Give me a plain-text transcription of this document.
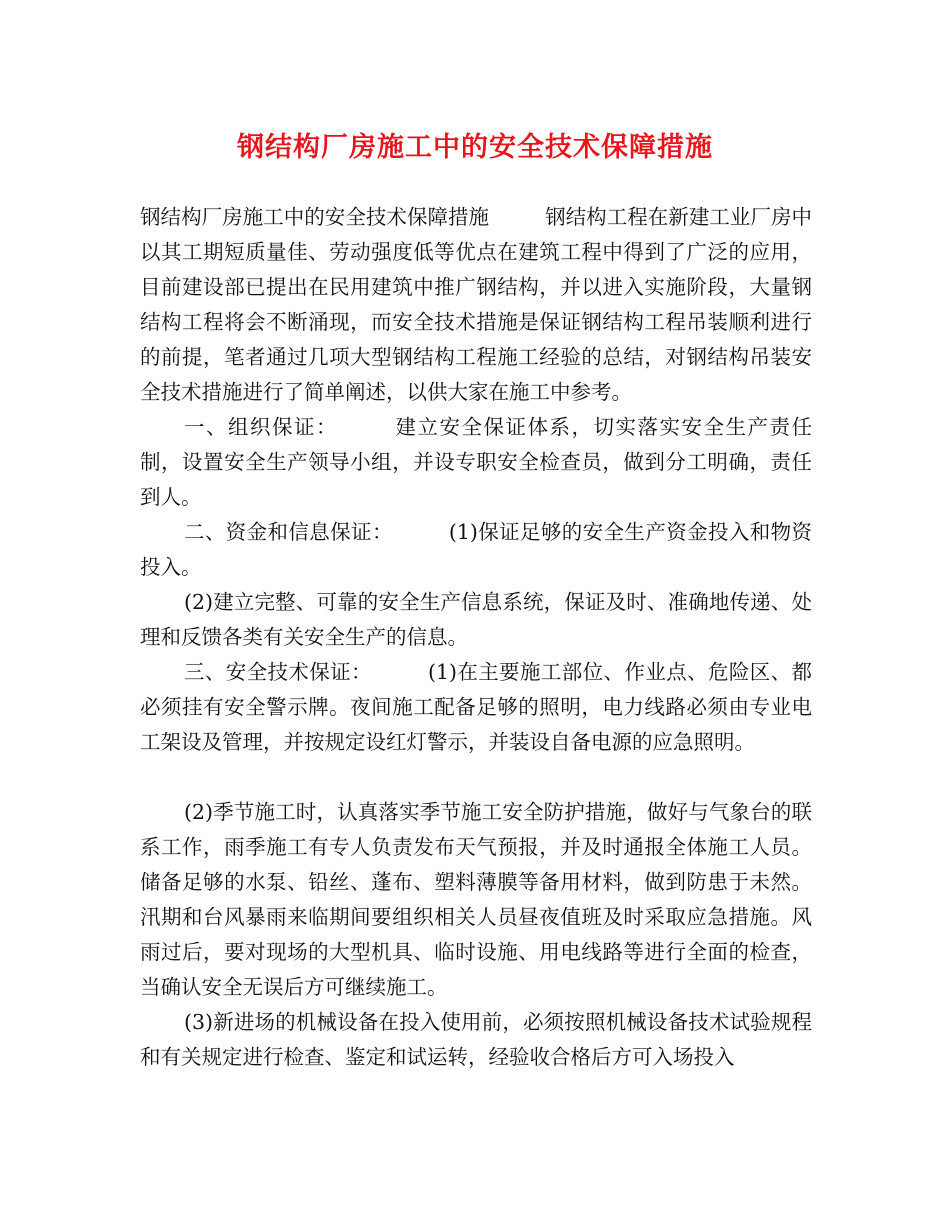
钢结构厂房施工中的安全技术保障措施

钢结构厂房施工中的安全技术保障措施	钢结构工程在新建工业厂房中以其工期短质量佳、劳动强度低等优点在建筑工程中得到了广泛的应用，目前建设部已提出在民用建筑中推广钢结构，并以进入实施阶段，大量钢结构工程将会不断涌现，而安全技术措施是保证钢结构工程吊装顺利进行的前提，笔者通过几项大型钢结构工程施工经验的总结，对钢结构吊装安全技术措施进行了简单阐述，以供大家在施工中参考。

一、组织保证：	建立安全保证体系，切实落实安全生产责任制，设置安全生产领导小组，并设专职安全检查员，做到分工明确，责任到人。

二、资金和信息保证：	(1)保证足够的安全生产资金投入和物资投入。

(2)建立完整、可靠的安全生产信息系统，保证及时、准确地传递、处理和反馈各类有关安全生产的信息。

三、安全技术保证：	(1)在主要施工部位、作业点、危险区、都必须挂有安全警示牌。夜间施工配备足够的照明，电力线路必须由专业电工架设及管理，并按规定设红灯警示，并装设自备电源的应急照明。

(2)季节施工时，认真落实季节施工安全防护措施，做好与气象台的联系工作，雨季施工有专人负责发布天气预报，并及时通报全体施工人员。储备足够的水泵、铅丝、蓬布、塑料薄膜等备用材料，做到防患于未然。汛期和台风暴雨来临期间要组织相关人员昼夜值班及时采取应急措施。风雨过后，要对现场的大型机具、临时设施、用电线路等进行全面的检查，当确认安全无误后方可继续施工。

(3)新进场的机械设备在投入使用前，必须按照机械设备技术试验规程和有关规定进行检查、鉴定和试运转，经验收合格后方可入场投入
